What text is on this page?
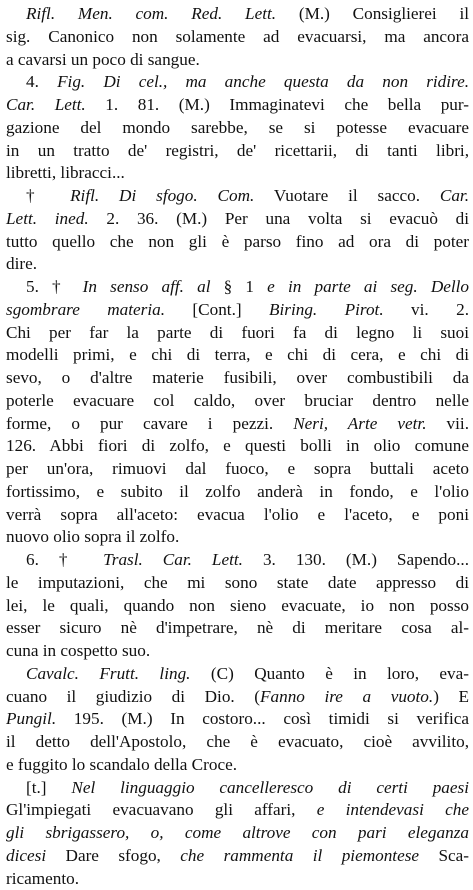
Rifl. Men. com. Red. Lett. (M.) Consiglierei il
sig. Canonico non solamente ad evacuarsi, ma ancora
a cavarsi un poco di sangue.
4. Fig. Di cel., ma anche questa da non ridire.
Car. Lett. 1. 81. (M.) Immaginatevi che bella pur-
gazione del mondo sarebbe, se si potesse evacuare
in un tratto de' registri, de' ricettarii, di tanti libri,
libretti, libracci...
† Rifl. Di sfogo. Com. Vuotare il sacco. Car.
Lett. ined. 2. 36. (M.) Per una volta si evacuò di
tutto quello che non gli è parso fino ad ora di poter
dire.
5. † In senso aff. al § 1 e in parte ai seg. Dello
sgombrare materia. [Cont.] Biring. Pirot. vi. 2.
Chi per far la parte di fuori fa di legno li suoi
modelli primi, e chi di terra, e chi di cera, e chi di
sevo, o d'altre materie fusibili, over combustibili da
poterle evacuare col caldo, over bruciar dentro nelle
forme, o pur cavare i pezzi. Neri, Arte vetr. vii.
126. Abbi fiori di zolfo, e questi bolli in olio comune
per un'ora, rimuovi dal fuoco, e sopra buttali aceto
fortissimo, e subito il zolfo anderà in fondo, e l'olio
verrà sopra all'aceto: evacua l'olio e l'aceto, e poni
nuovo olio sopra il zolfo.
6. † Trasl. Car. Lett. 3. 130. (M.) Sapendo...
le imputazioni, che mi sono state date appresso di
lei, le quali, quando non sieno evacuate, io non posso
esser sicuro nè d'impetrare, nè di meritare cosa al-
cuna in cospetto suo.
Cavalc. Frutt. ling. (C) Quanto è in loro, eva-
cuano il giudizio di Dio. (Fanno ire a vuoto.) E
Pungil. 195. (M.) In costoro... così timidi si verifica
il detto dell'Apostolo, che è evacuato, cioè avvilito,
e fuggito lo scandalo della Croce.
[t.] Nel linguaggio cancelleresco di certi paesi
Gl'impiegati evacuavano gli affari, e intendevasi che
gli sbrigassero, o, come altrove con pari eleganza
dicesi Dare sfogo, che rammenta il piemontese Sca-
ricamento.
